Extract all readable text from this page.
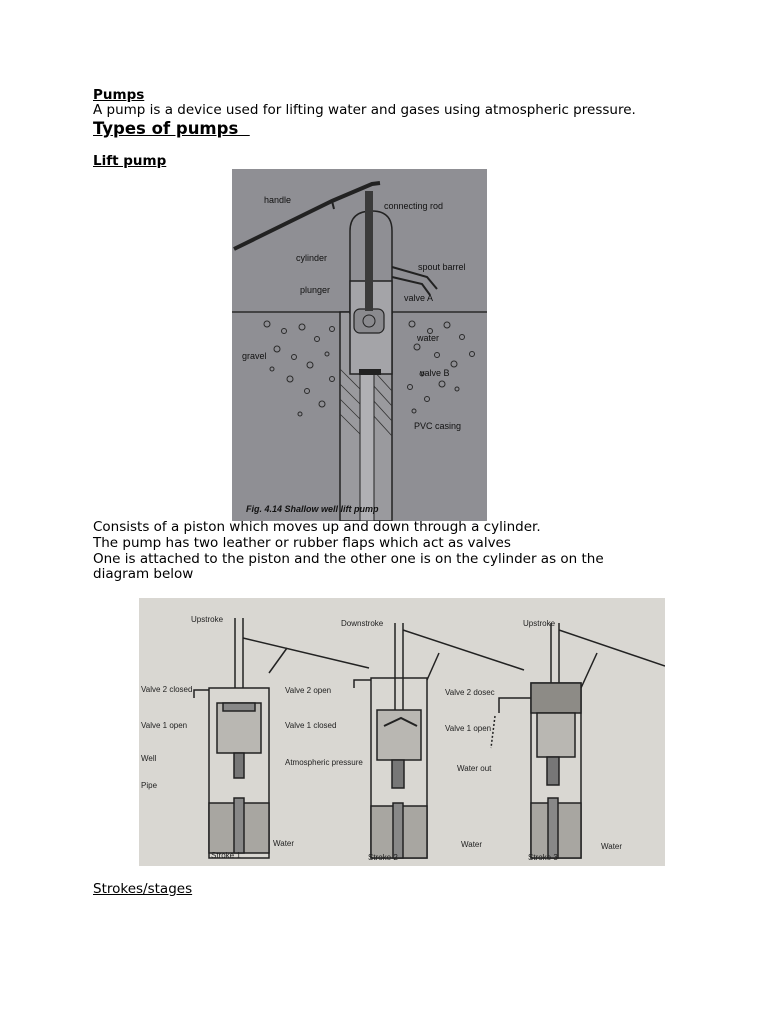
Pumps
A pump is a device used for lifting water and gases using atmospheric pressure.
Types of pumps
Lift pump
handle
connecting rod
cylinder
spout barrel
plunger
valve A
water
gravel
valve B
PVC casing
Fig. 4.14 Shallow well lift pump
Consists of a piston which moves up and down through a cylinder.
The pump has two leather or rubber flaps which act as valves
One is attached to the piston and the other one is on the cylinder as on the diagram below
Upstroke	Downstroke	Upstroke
Valve 2 closed
Valve 1 open
Well
Pipe
Water
Stroke 1
Valve 2 open
Valve 1 closed
Atmospheric pressure
Water
Stroke 2
Valve 2 dosec
Valve 1 open
Water out
Water
Stroke 3
Strokes/stages
